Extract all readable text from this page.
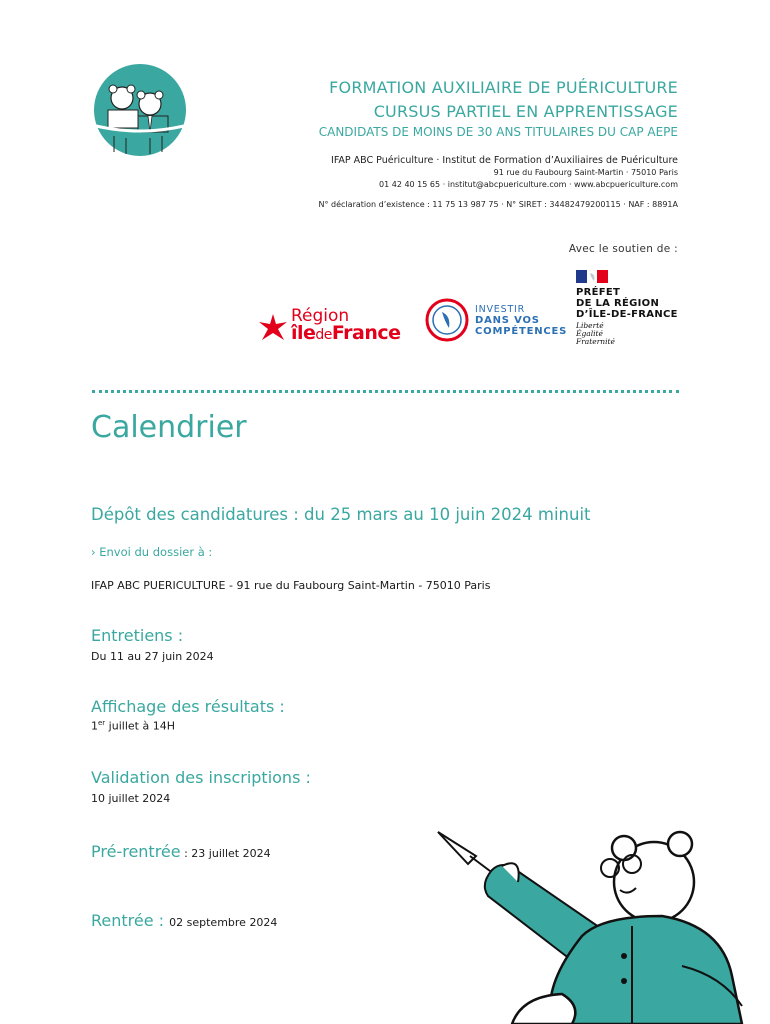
FORMATION AUXILIAIRE DE PUÉRICULTURE
CURSUS PARTIEL EN APPRENTISSAGE
CANDIDATS DE MOINS DE 30 ANS TITULAIRES DU CAP AEPE
IFAP ABC Puériculture · Institut de Formation d’Auxiliaires de Puériculture
91 rue du Faubourg Saint-Martin · 75010 Paris
01 42 40 15 65 · institut@abcpuericulture.com · www.abcpuericulture.com
N° déclaration d’existence : 11 75 13 987 75 · N° SIRET : 34482479200115 · NAF : 8891A
Avec le soutien de :
Région
îledeFrance
INVESTIR
DANS VOS
COMPÉTENCES
PRÉFET
DE LA RÉGION
D’ÎLE-DE-FRANCE
Liberté
Égalité
Fraternité
Calendrier
Dépôt des candidatures : du 25 mars au 10 juin 2024 minuit
› Envoi du dossier à :
IFAP ABC PUERICULTURE - 91 rue du Faubourg Saint-Martin - 75010 Paris
Entretiens :
Du 11 au 27 juin 2024
Affichage des résultats :
1er juillet à 14H
Validation des inscriptions :
10 juillet 2024
Pré-rentrée : 23 juillet 2024
Rentrée : 02 septembre 2024
